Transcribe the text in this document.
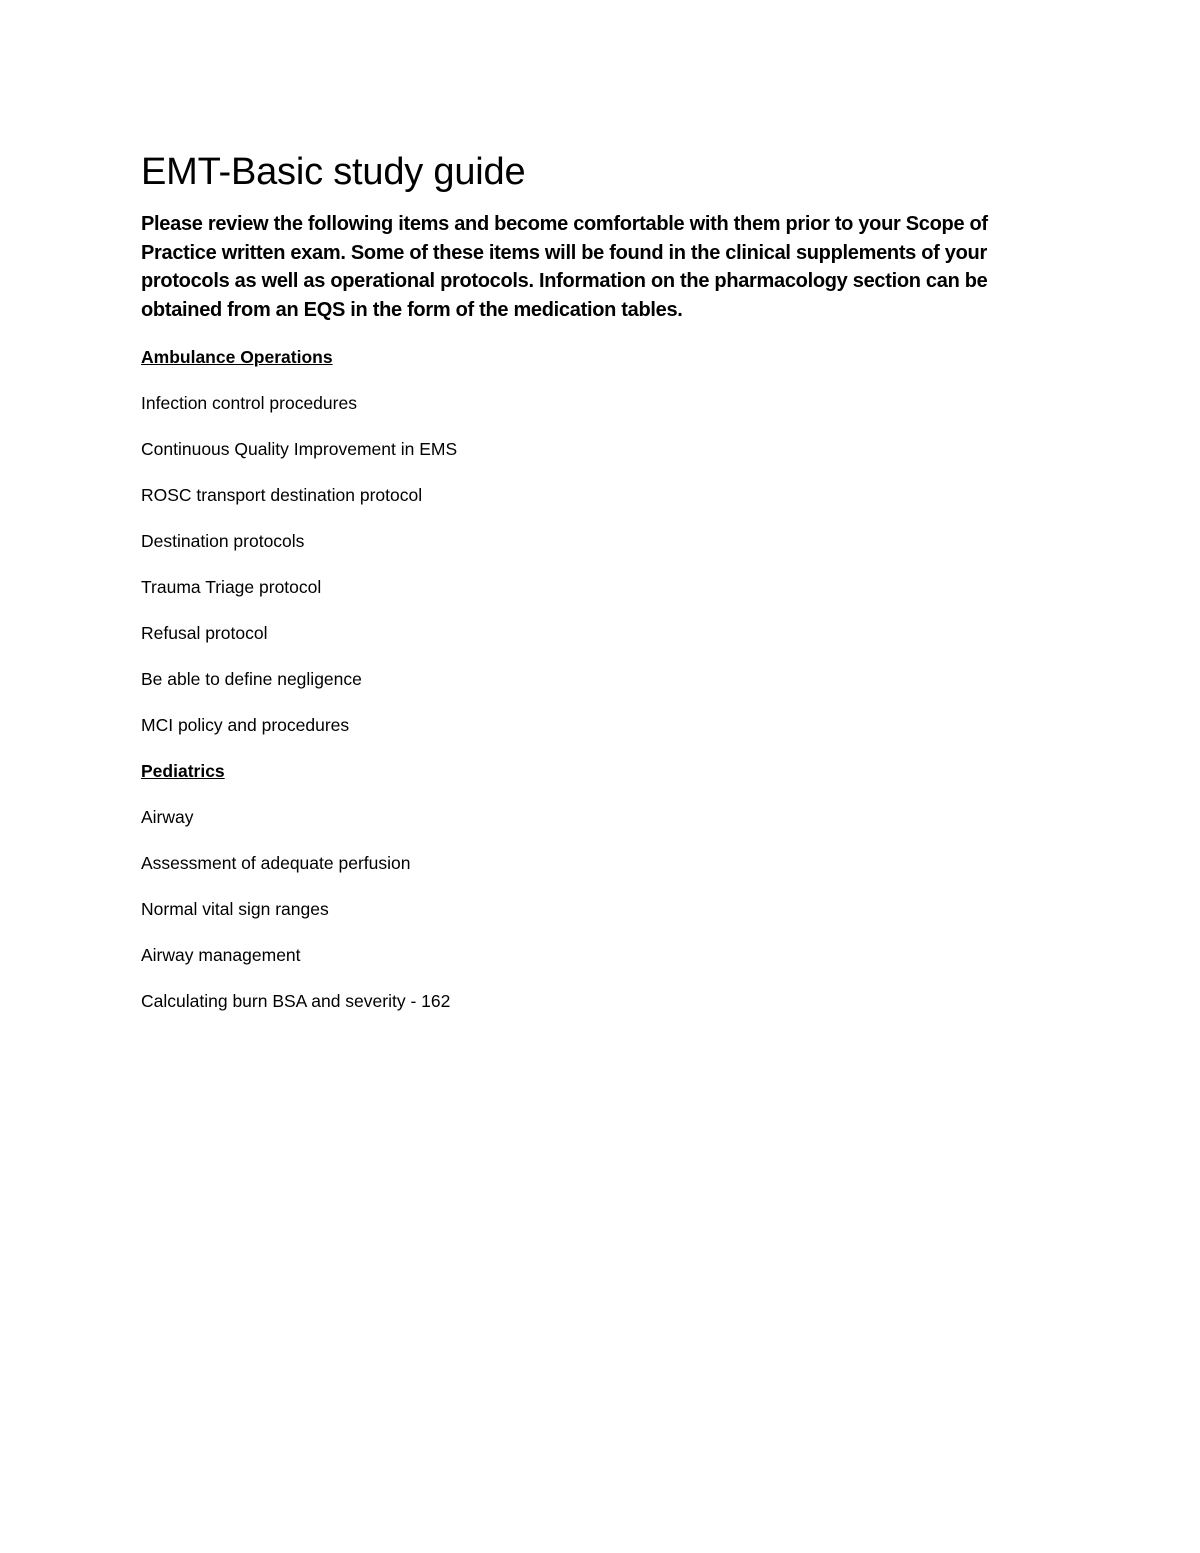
EMT-Basic study guide

Please review the following items and become comfortable with them prior to your Scope of Practice written exam. Some of these items will be found in the clinical supplements of your protocols as well as operational protocols. Information on the pharmacology section can be obtained from an EQS in the form of the medication tables.

Ambulance Operations
Infection control procedures
Continuous Quality Improvement in EMS
ROSC transport destination protocol
Destination protocols
Trauma Triage protocol
Refusal protocol
Be able to define negligence
MCI policy and procedures
Pediatrics
Airway
Assessment of adequate perfusion
Normal vital sign ranges
Airway management
Calculating burn BSA and severity - 162
